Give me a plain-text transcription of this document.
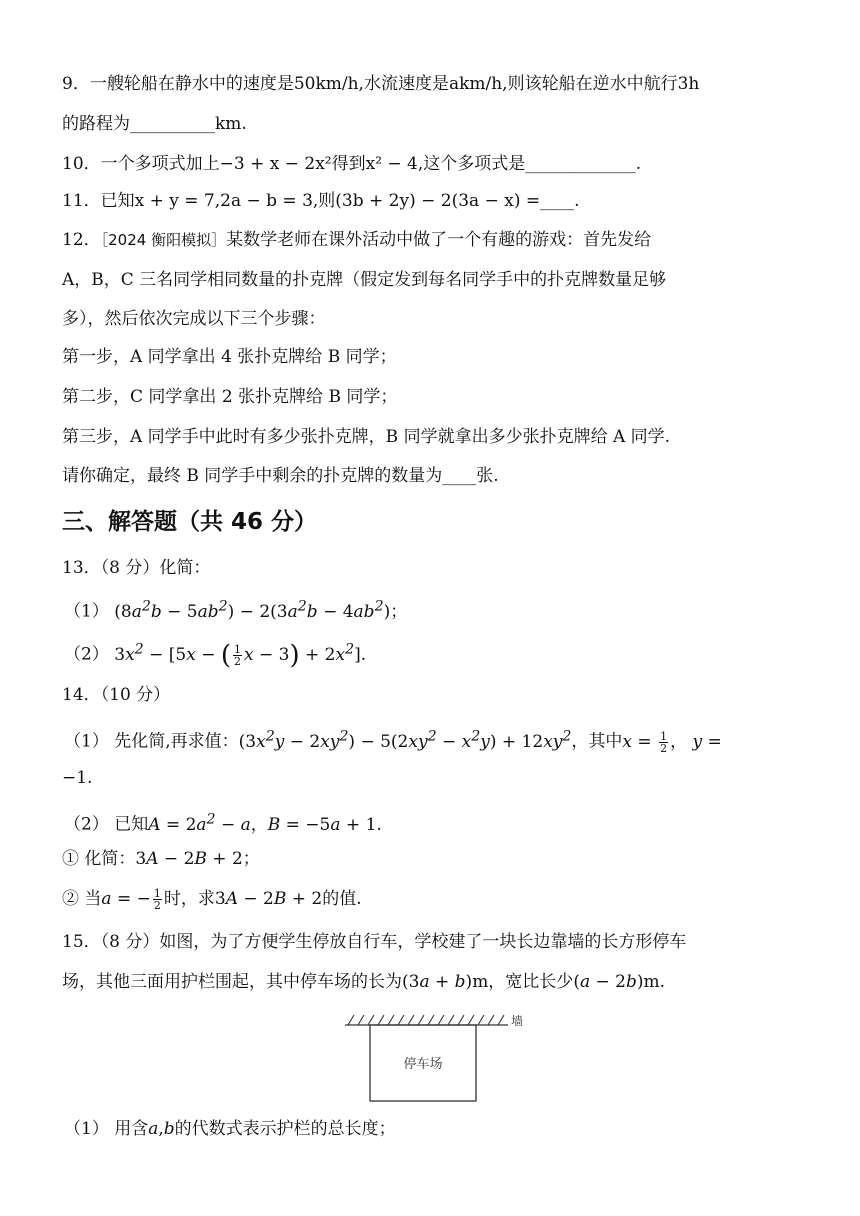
9．一艘轮船在静水中的速度是50km/h,水流速度是akm/h,则该轮船在逆水中航行3h
的路程为__________km.
10．一个多项式加上−3 + x − 2x²得到x² − 4,这个多项式是_____________.
11．已知x + y = 7,2a − b = 3,则(3b + 2y) − 2(3a − x) =____.
12．［2024 衡阳模拟］某数学老师在课外活动中做了一个有趣的游戏：首先发给
A，B，C 三名同学相同数量的扑克牌（假定发到每名同学手中的扑克牌数量足够
多），然后依次完成以下三个步骤：
第一步，A 同学拿出 4 张扑克牌给 B 同学；
第二步，C 同学拿出 2 张扑克牌给 B 同学；
第三步，A 同学手中此时有多少张扑克牌，B 同学就拿出多少张扑克牌给 A 同学.
请你确定，最终 B 同学手中剩余的扑克牌的数量为____张.
三、解答题（共 46 分）
13．（8 分）化简：
（1） $(8a^2b - 5ab^2) - 2(3a^2b - 4ab^2)$；
（2） $3x^2 - [5x$ − ( $\frac{1}{2}$ $x - 3) + 2x^2$].
14．（10 分）
（1） 先化简,再求值：$(3x^2y - 2xy^2) - 5(2xy^2 - x^2y) + 12xy^2$，其中$x = \frac{1}{2}$ ， y =
−1.
（2） 已知$A = 2a^2 - a$，B = −5a + 1.
① 化简：3A − 2B + 2；
② 当a = − $\frac{1}{2}$ 时，求3A − 2B + 2的值.
15．（8 分）如图，为了方便学生停放自行车，学校建了一块长边靠墙的长方形停车
场，其他三面用护栏围起，其中停车场的长为(3a + b)m，宽比长少(a − 2b)m.
墙
停车场
（1） 用含a,b的代数式表示护栏的总长度；
